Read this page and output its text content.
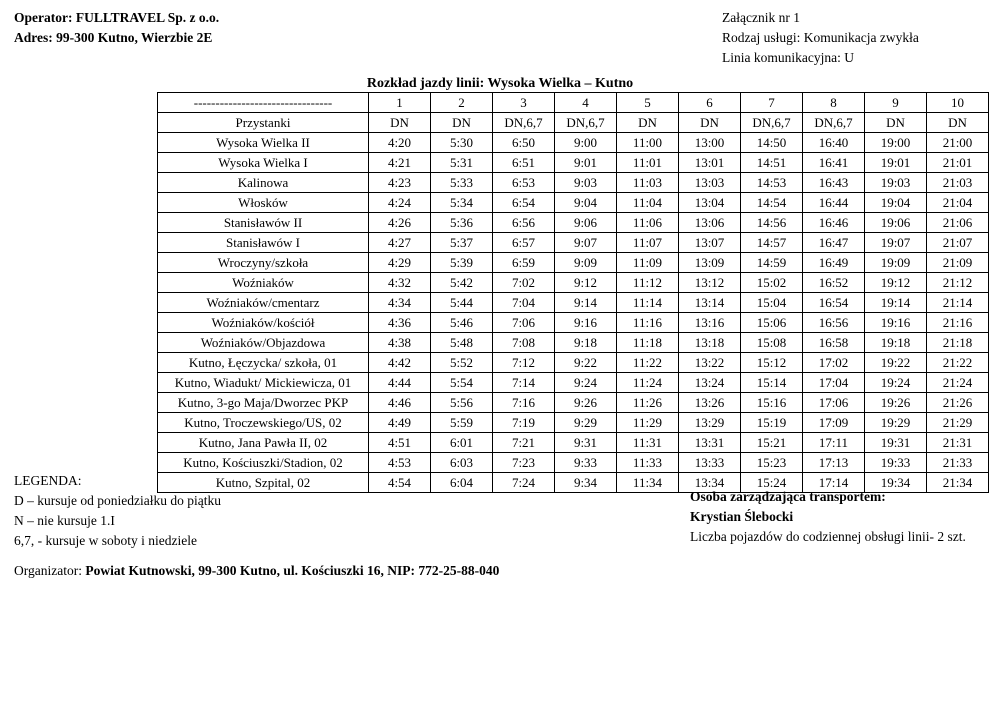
Operator: FULLTRAVEL Sp. z o.o.
Adres: 99-300 Kutno, Wierzbie 2E
Załącznik nr 1
Rodzaj usługi: Komunikacja zwykła
Linia komunikacyjna: U
Rozkład jazdy linii: Wysoka Wielka – Kutno
--------------------------------	1	2	3	4	5	6	7	8	9	10
Przystanki	DN	DN	DN,6,7	DN,6,7	DN	DN	DN,6,7	DN,6,7	DN	DN
Wysoka Wielka II	4:20	5:30	6:50	9:00	11:00	13:00	14:50	16:40	19:00	21:00
Wysoka Wielka I	4:21	5:31	6:51	9:01	11:01	13:01	14:51	16:41	19:01	21:01
Kalinowa	4:23	5:33	6:53	9:03	11:03	13:03	14:53	16:43	19:03	21:03
Włosków	4:24	5:34	6:54	9:04	11:04	13:04	14:54	16:44	19:04	21:04
Stanisławów II	4:26	5:36	6:56	9:06	11:06	13:06	14:56	16:46	19:06	21:06
Stanisławów I	4:27	5:37	6:57	9:07	11:07	13:07	14:57	16:47	19:07	21:07
Wroczyny/szkoła	4:29	5:39	6:59	9:09	11:09	13:09	14:59	16:49	19:09	21:09
Woźniaków	4:32	5:42	7:02	9:12	11:12	13:12	15:02	16:52	19:12	21:12
Woźniaków/cmentarz	4:34	5:44	7:04	9:14	11:14	13:14	15:04	16:54	19:14	21:14
Woźniaków/kościół	4:36	5:46	7:06	9:16	11:16	13:16	15:06	16:56	19:16	21:16
Woźniaków/Objazdowa	4:38	5:48	7:08	9:18	11:18	13:18	15:08	16:58	19:18	21:18
Kutno, Łęczycka/ szkoła, 01	4:42	5:52	7:12	9:22	11:22	13:22	15:12	17:02	19:22	21:22
Kutno, Wiadukt/ Mickiewicza, 01	4:44	5:54	7:14	9:24	11:24	13:24	15:14	17:04	19:24	21:24
Kutno, 3-go Maja/Dworzec PKP	4:46	5:56	7:16	9:26	11:26	13:26	15:16	17:06	19:26	21:26
Kutno, Troczewskiego/US, 02	4:49	5:59	7:19	9:29	11:29	13:29	15:19	17:09	19:29	21:29
Kutno, Jana Pawła II, 02	4:51	6:01	7:21	9:31	11:31	13:31	15:21	17:11	19:31	21:31
Kutno, Kościuszki/Stadion, 02	4:53	6:03	7:23	9:33	11:33	13:33	15:23	17:13	19:33	21:33
Kutno, Szpital, 02	4:54	6:04	7:24	9:34	11:34	13:34	15:24	17:14	19:34	21:34
LEGENDA:
D – kursuje od poniedziałku do piątku
N – nie kursuje 1.I
6,7, - kursuje w soboty i niedziele
Osoba zarządzająca transportem:
Krystian Ślebocki
Liczba pojazdów do codziennej obsługi linii- 2 szt.
Organizator: Powiat Kutnowski, 99-300 Kutno, ul. Kościuszki 16, NIP: 772-25-88-040
